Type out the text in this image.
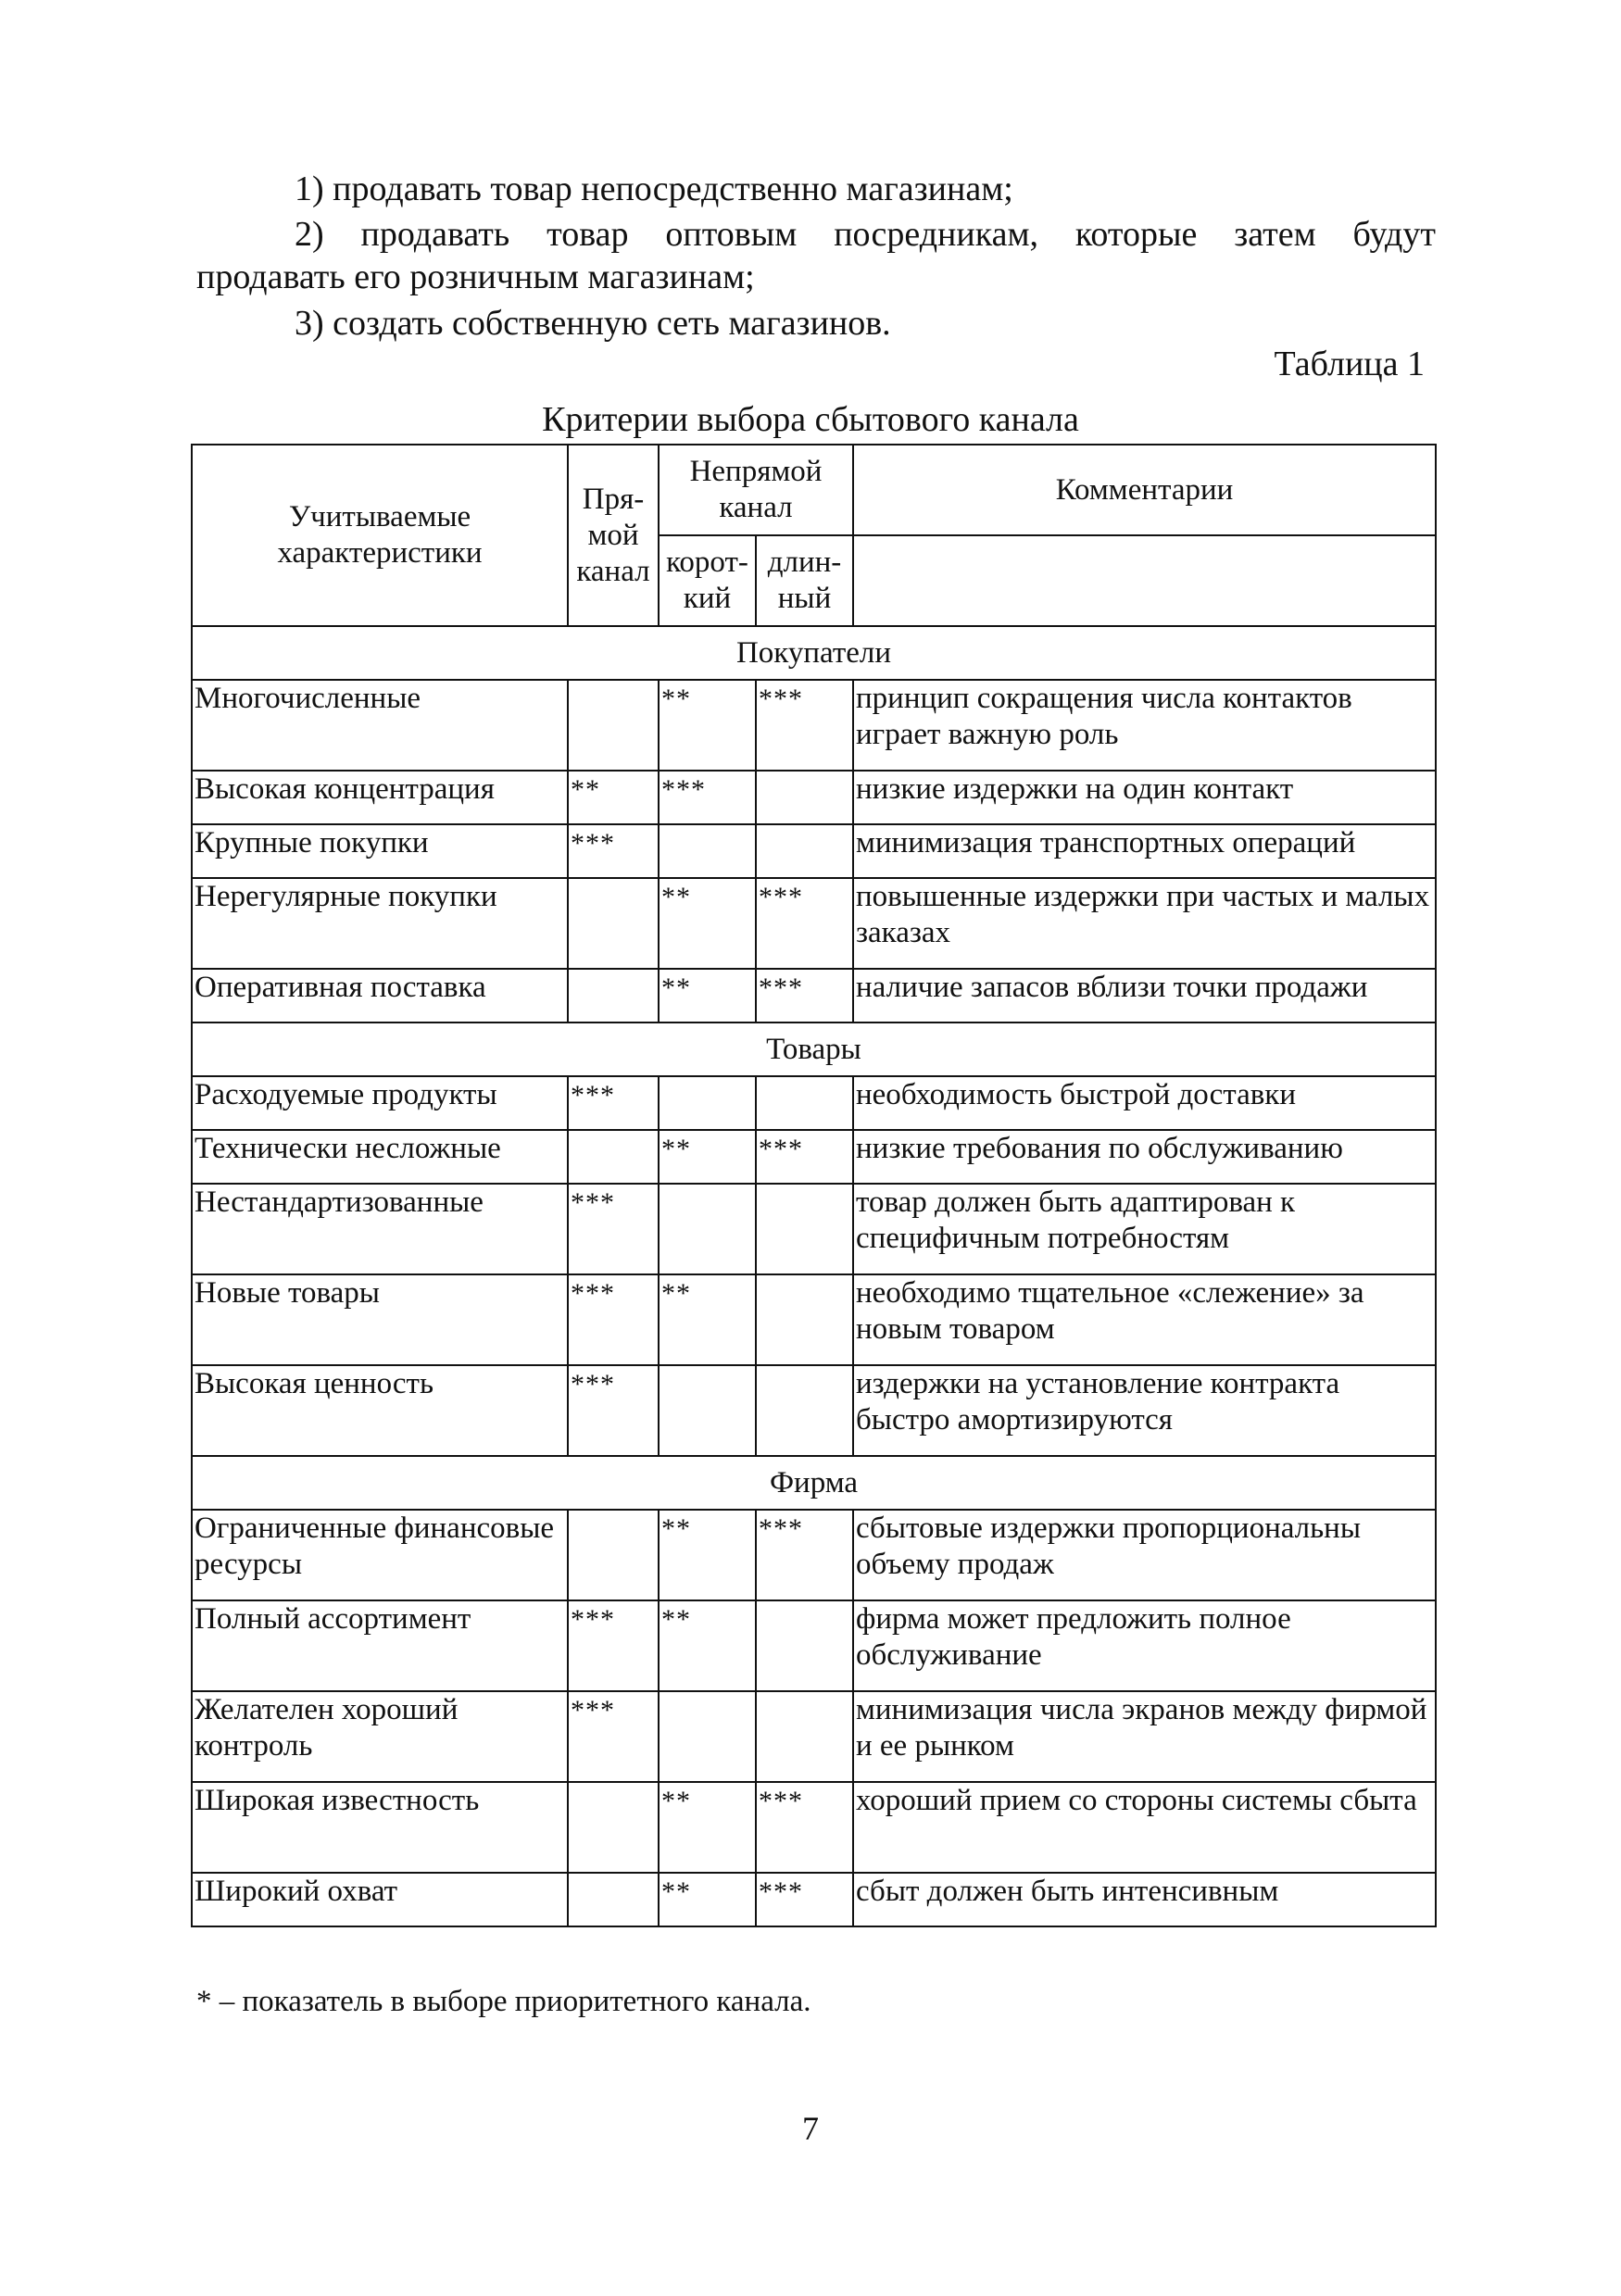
1) продавать товар непосредственно магазинам;
2) продавать товар оптовым посредникам, которые затем будут
продавать его розничным магазинам;
3) создать собственную сеть магазинов.
Таблица 1
Критерии выбора сбытового канала
Учитываемые характеристики	Пря-мой канал	Непрямой канал		Комментарии
		корот-кий	длин-ный	
Покупатели				
Многочисленные		**	***	принцип сокращения числа контактов играет важную роль
Высокая концентрация	**	***		низкие издержки на один контакт
Крупные покупки	***			минимизация транспортных операций
Нерегулярные покупки		**	***	повышенные издержки при частых и малых заказах
Оперативная поставка		**	***	наличие запасов вблизи точки продажи
Товары				
Расходуемые продукты	***			необходимость быстрой доставки
Технически несложные		**	***	низкие требования по обслуживанию
Нестандартизованные	***			товар должен быть адаптирован к специфичным потребностям
Новые товары	***	**		необходимо тщательное «слежение» за новым товаром
Высокая ценность	***			издержки на установление контракта быстро амортизируются
Фирма				
Ограниченные финансовые ресурсы		**	***	сбытовые издержки пропорциональны объему продаж
Полный ассортимент	***	**		фирма может предложить полное обслуживание
Желателен хороший контроль	***			минимизация числа экранов между фирмой и ее рынком
Широкая известность		**	***	хороший прием со стороны системы сбыта
Широкий охват		**	***	сбыт должен быть интенсивным
* – показатель в выборе приоритетного канала.
7
